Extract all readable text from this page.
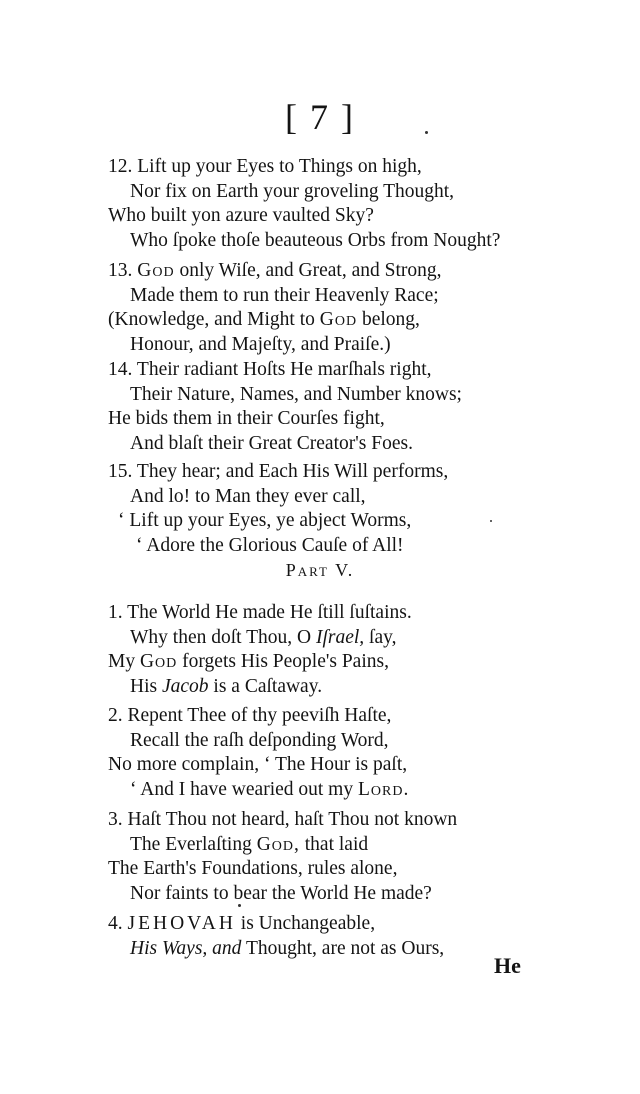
[ 7 ]
12. Lift up your Eyes to Things on high,
Nor fix on Earth your groveling Thought,
Who built yon azure vaulted Sky?
Who ſpoke thoſe beauteous Orbs from Nought?
13. God only Wiſe, and Great, and Strong,
Made them to run their Heavenly Race;
(Knowledge, and Might to God belong,
Honour, and Majeſty, and Praiſe.)
14. Their radiant Hoſts He marſhals right,
Their Nature, Names, and Number knows;
He bids them in their Courſes fight,
And blaſt their Great Creator's Foes.
15. They hear; and Each His Will performs,
And lo! to Man they ever call,
‘ Lift up your Eyes, ye abject Worms,
‘ Adore the Glorious Cauſe of All!
Part V.
1. The World He made He ſtill ſuſtains.
Why then doſt Thou, O Iſrael, ſay,
My God forgets His People's Pains,
His Jacob is a Caſtaway.
2. Repent Thee of thy peeviſh Haſte,
Recall the raſh deſponding Word,
No more complain, ‘ The Hour is paſt,
‘ And I have wearied out my Lord.
3. Haſt Thou not heard, haſt Thou not known
The Everlaſting God, that laid
The Earth's Foundations, rules alone,
Nor faints to bear the World He made?
4. JEHOVAH is Unchangeable,
His Ways, and Thought, are not as Ours,
He
